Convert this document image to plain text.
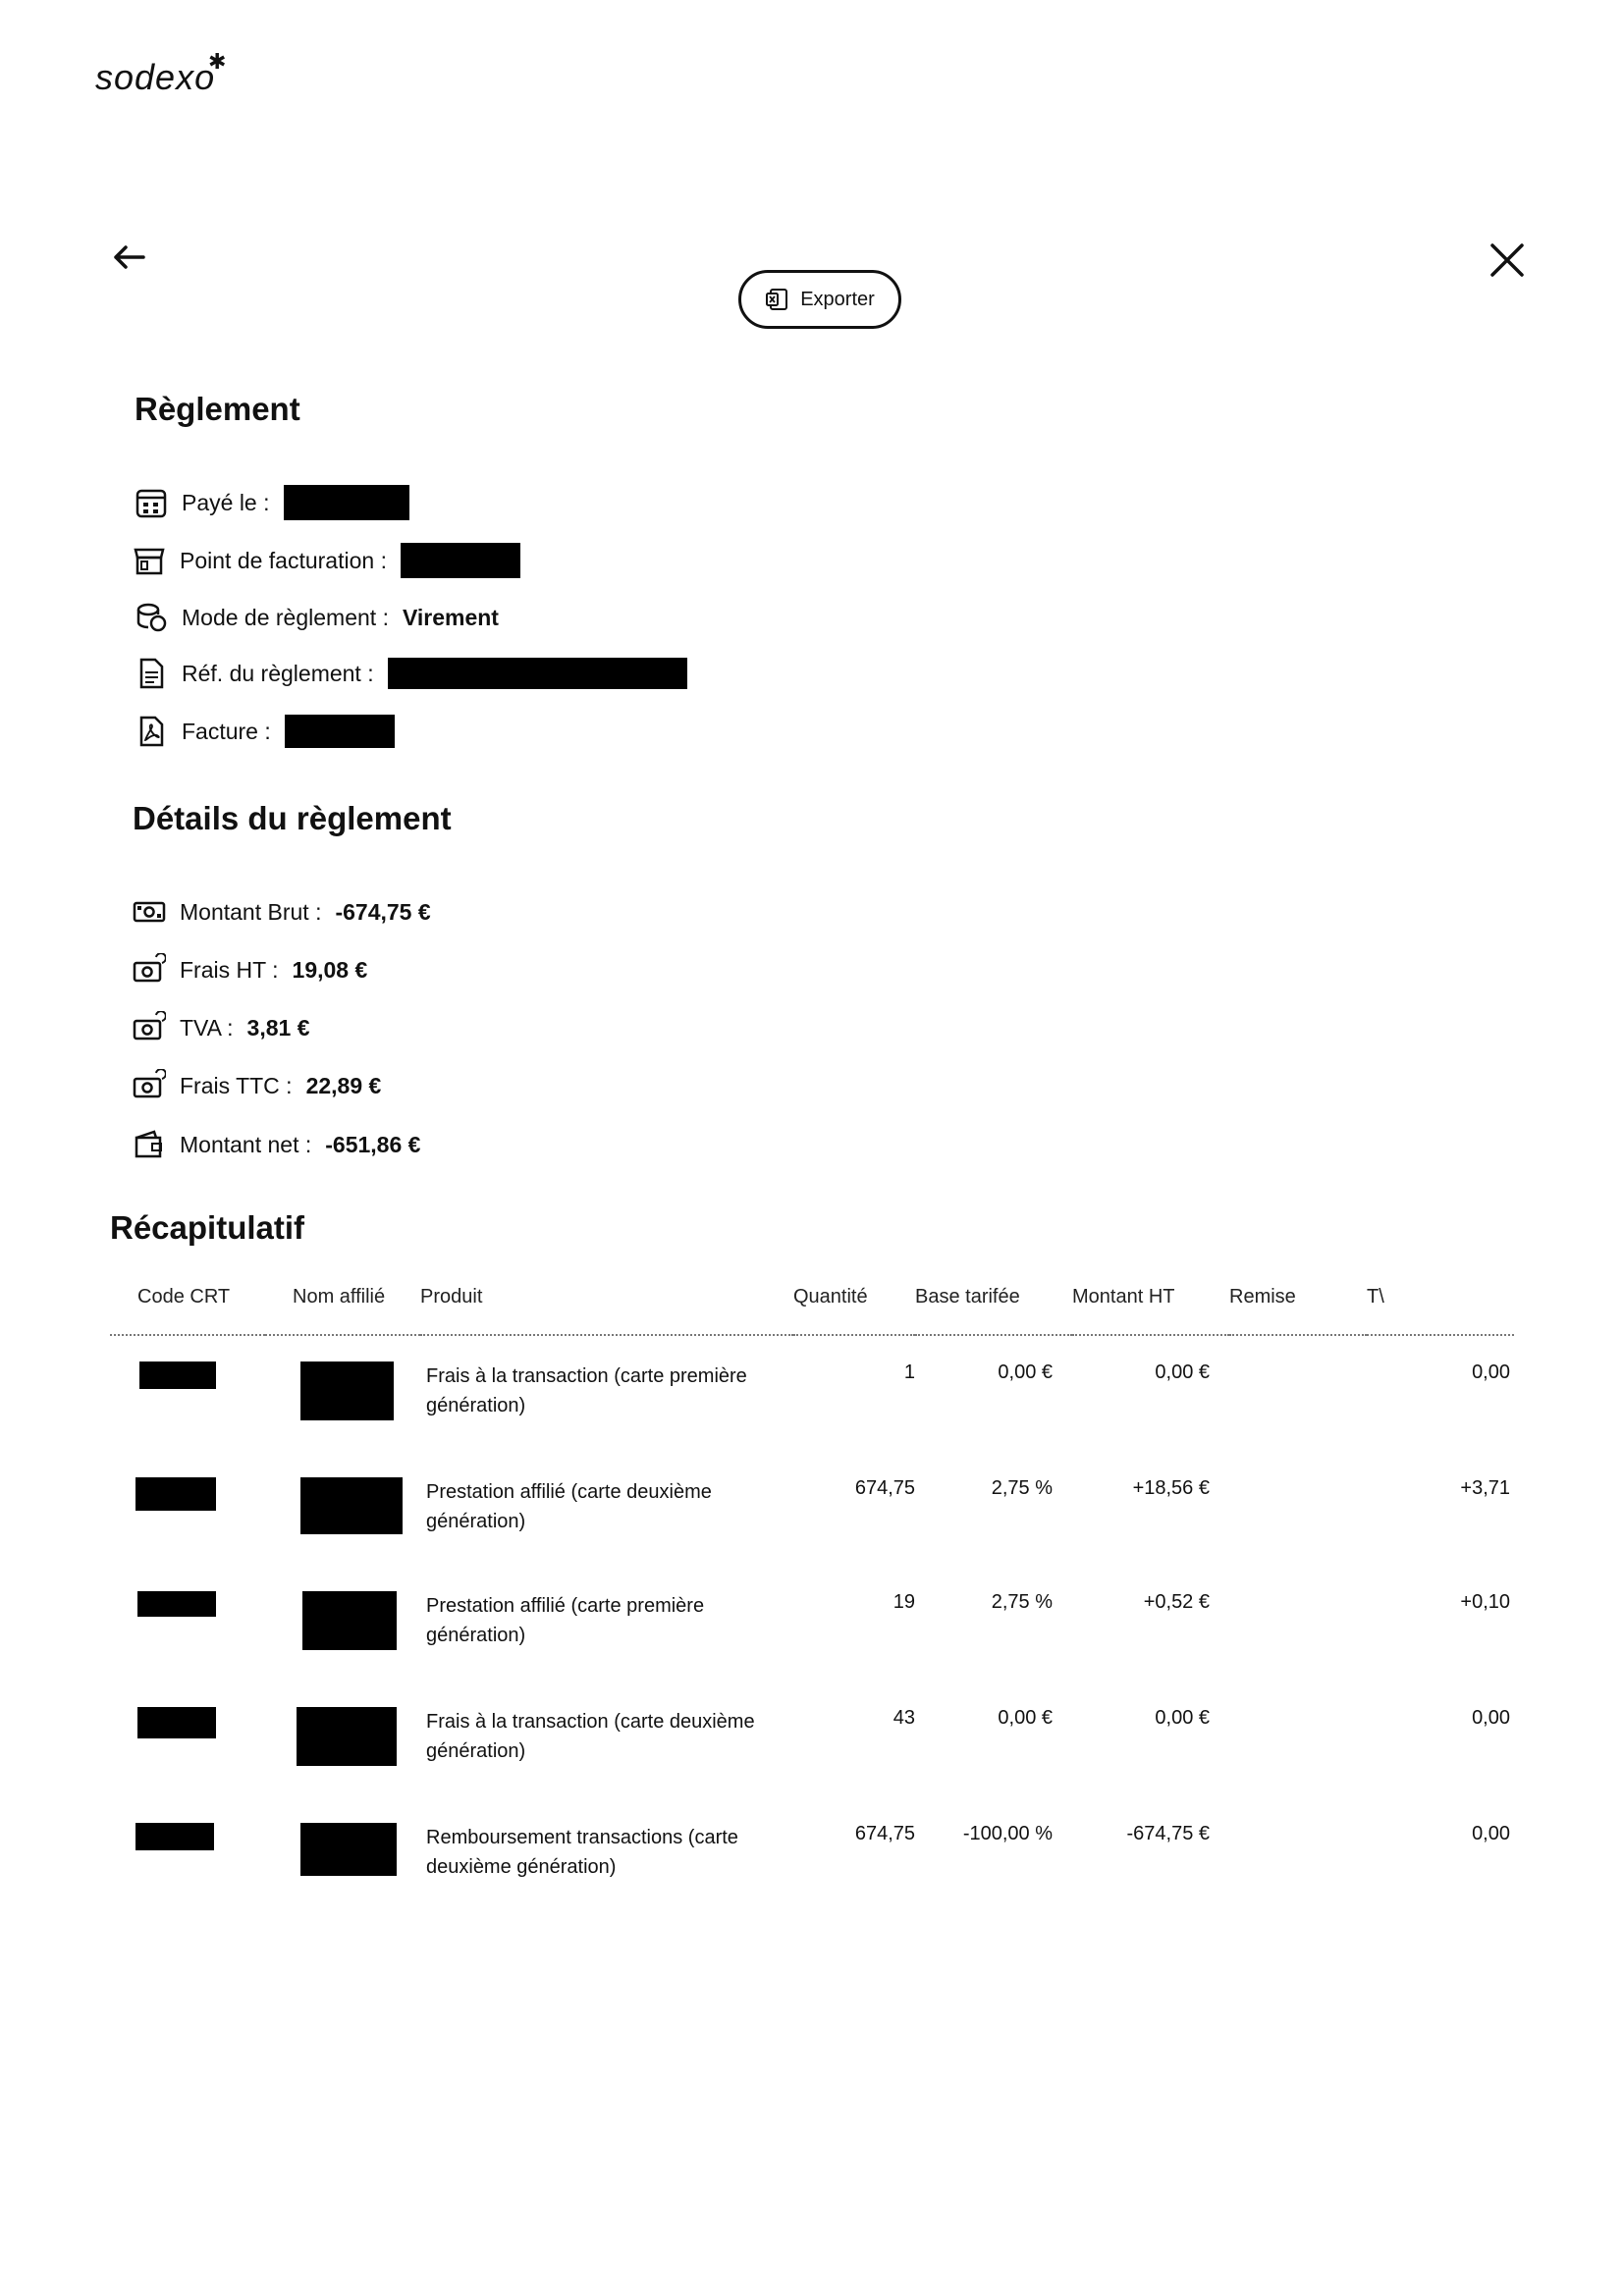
sodexo
✱
Exporter
Règlement
Payé le :
Point de facturation :
Mode de règlement : Virement
Réf. du règlement :
Facture :
Détails du règlement
Montant Brut : -674,75 €
Frais HT : 19,08 €
TVA : 3,81 €
Frais TTC : 22,89 €
Montant net : -651,86 €
Récapitulatif
Code CRT	Nom affilié	Produit	Quantité	Base tarifée	Montant HT	Remise	T\
		Frais à la transaction (carte première génération)	1	0,00 €	0,00 €		0,00
		Prestation affilié (carte deuxième génération)	674,75	2,75 %	+18,56 €		+3,71
		Prestation affilié (carte première génération)	19	2,75 %	+0,52 €		+0,10
		Frais à la transaction (carte deuxième génération)	43	0,00 €	0,00 €		0,00
		Remboursement transactions (carte deuxième génération)	674,75	-100,00 %	-674,75 €		0,00
